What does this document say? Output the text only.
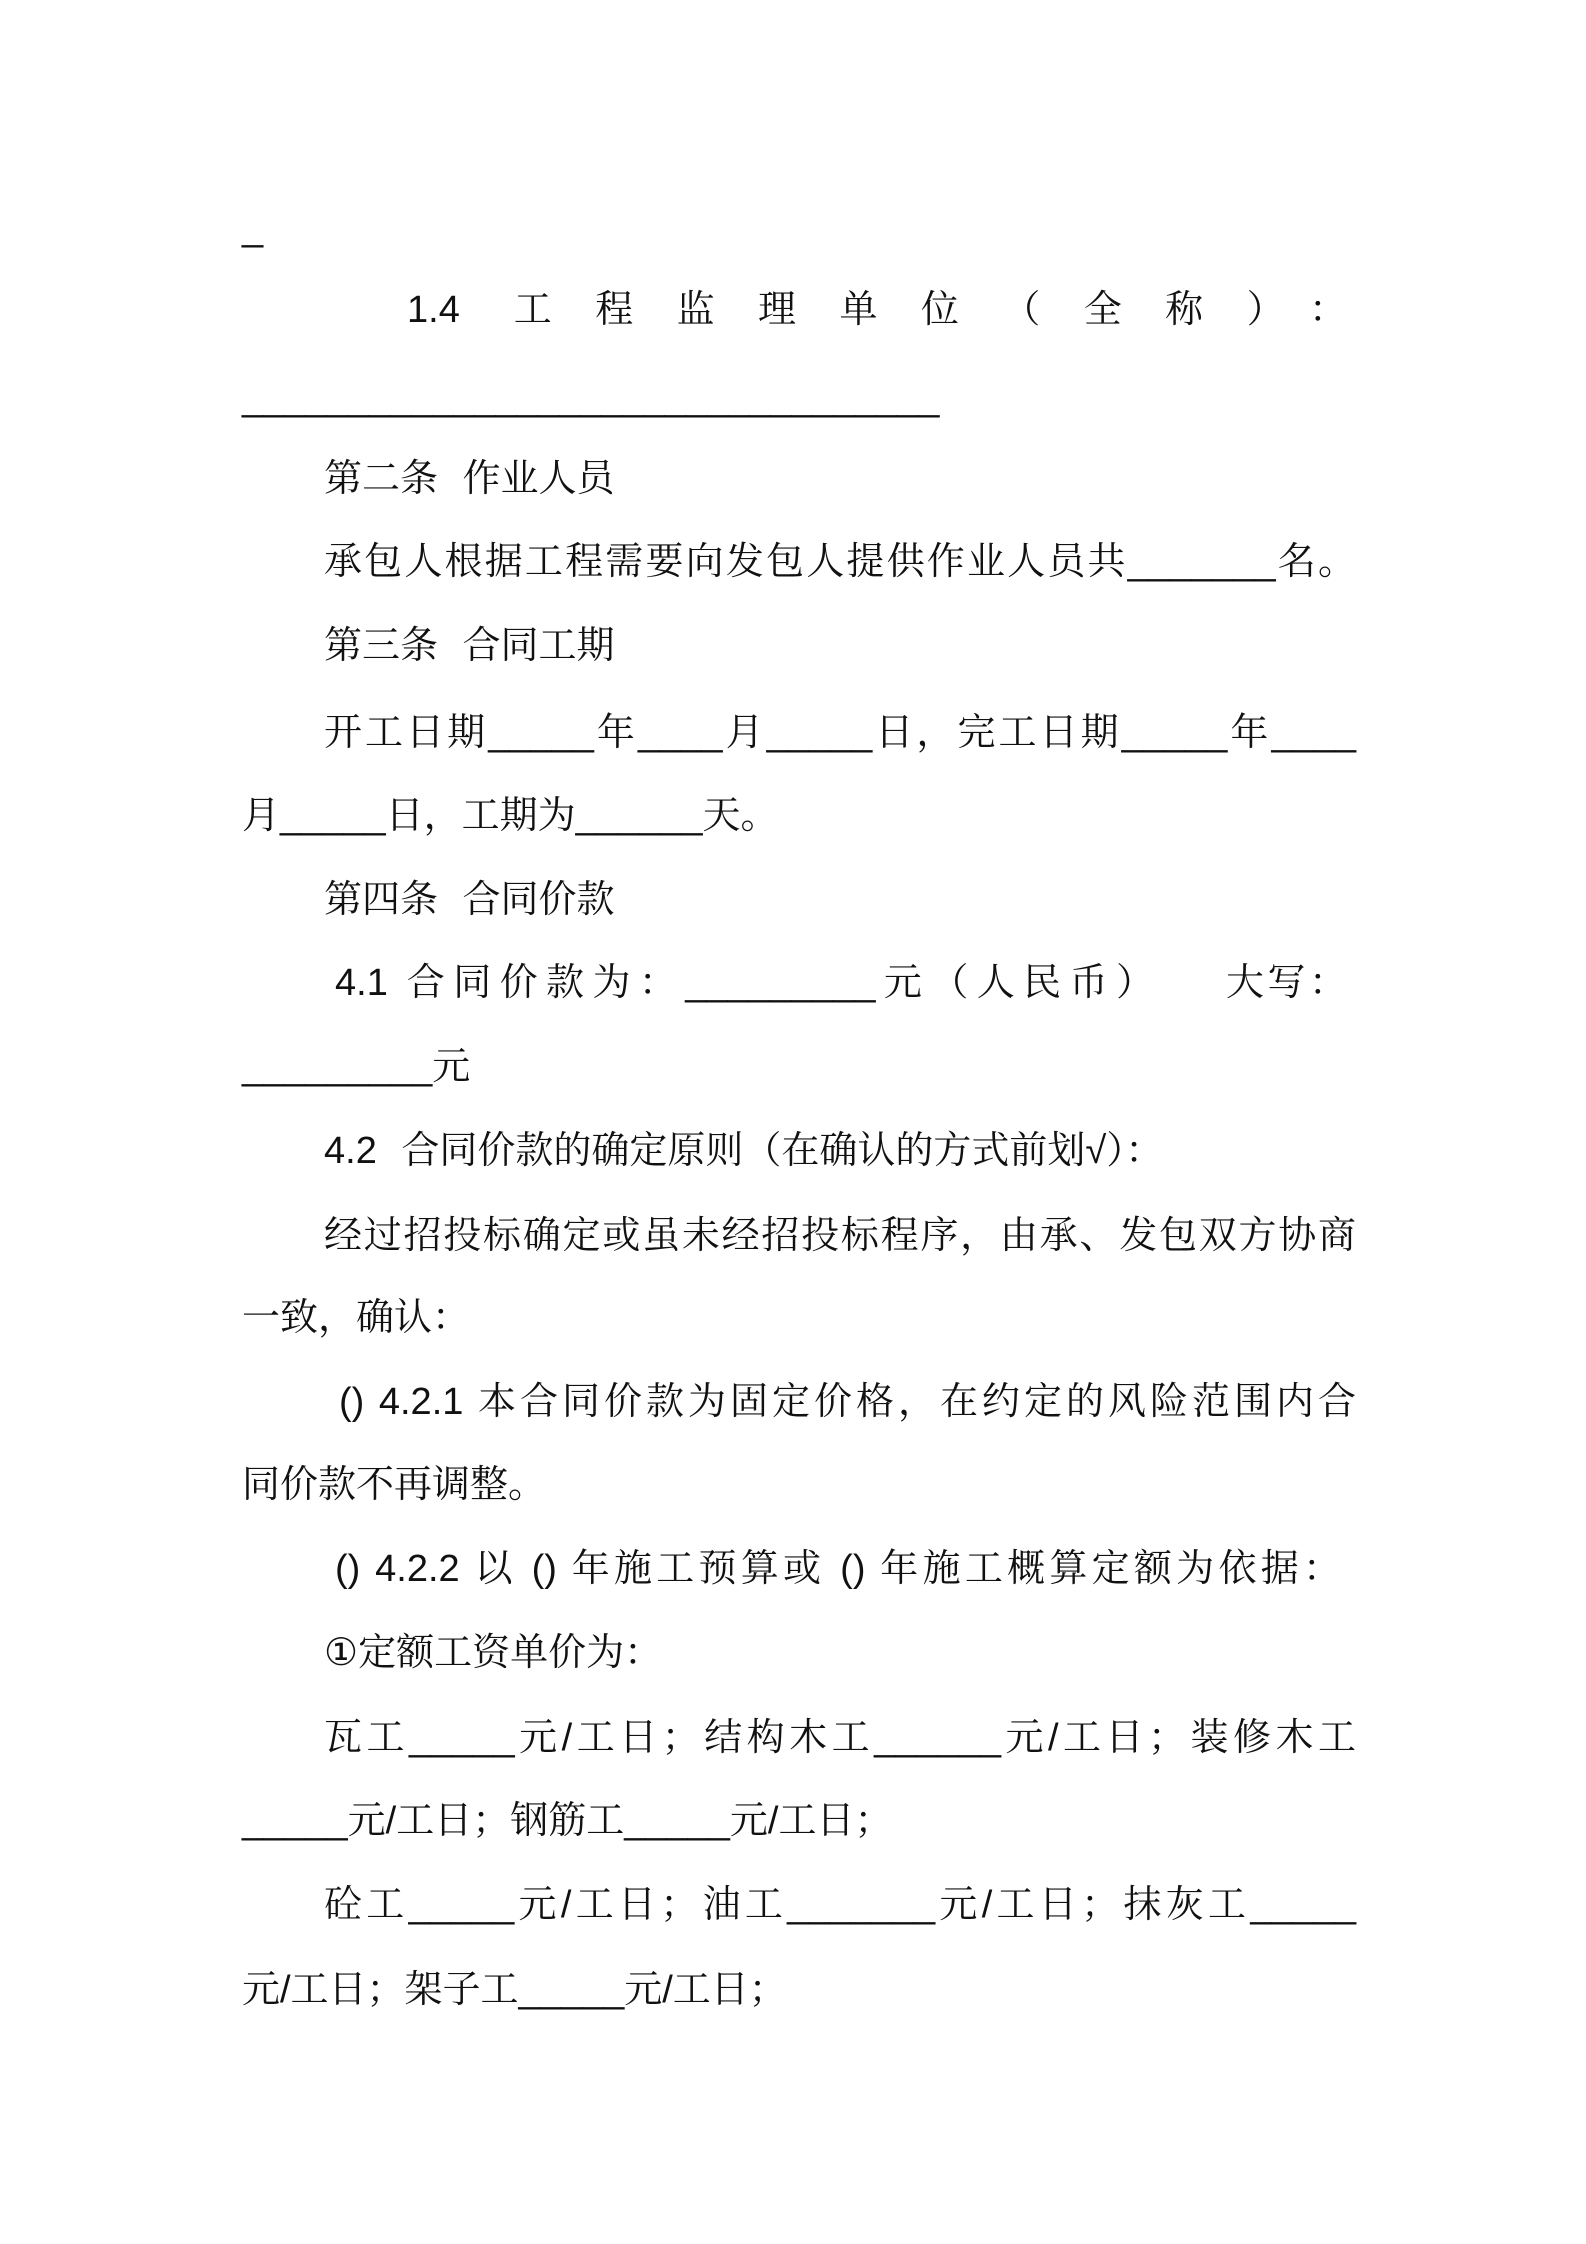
_
1.4 工程监理单位（全称）：
_________________________________
第二条 作业人员
承包人根据工程需要向发包人提供作业人员共_______名。
第三条 合同工期
开工日期_____年____月_____日，完工日期_____年____
月_____日，工期为______天。
第四条 合同价款
4.1 合同价款为：_________元（人民币） 大写：
_________元
4.2 合同价款的确定原则（在确认的方式前划√）：
经过招投标确定或虽未经招投标程序，由承、发包双方协商
一致，确认：
() 4.2.1 本合同价款为固定价格，在约定的风险范围内合
同价款不再调整。
() 4.2.2 以 () 年施工预算或 () 年施工概算定额为依据：
①定额工资单价为：
瓦工_____元/工日；结构木工______元/工日；装修木工
_____元/工日；钢筋工_____元/工日；
砼工_____元/工日；油工_______元/工日；抹灰工_____
元/工日；架子工_____元/工日；
